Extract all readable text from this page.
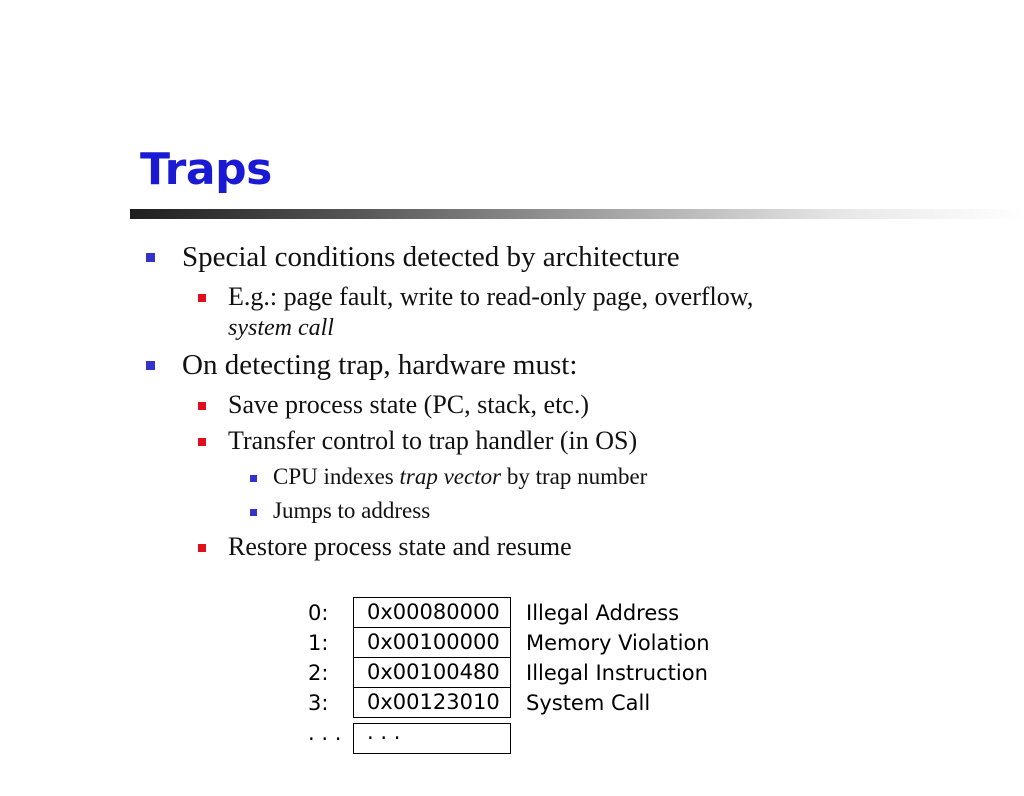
Traps
Special conditions detected by architecture
E.g.: page fault, write to read-only page, overflow,
system call
On detecting trap, hardware must:
Save process state (PC, stack, etc.)
Transfer control to trap handler (in OS)
CPU indexes trap vector by trap number
Jumps to address
Restore process state and resume
0:	0x00080000	Illegal Address
1:	0x00100000	Memory Violation
2:	0x00100480	Illegal Instruction
3:	0x00123010	System Call
· · ·	· · ·
